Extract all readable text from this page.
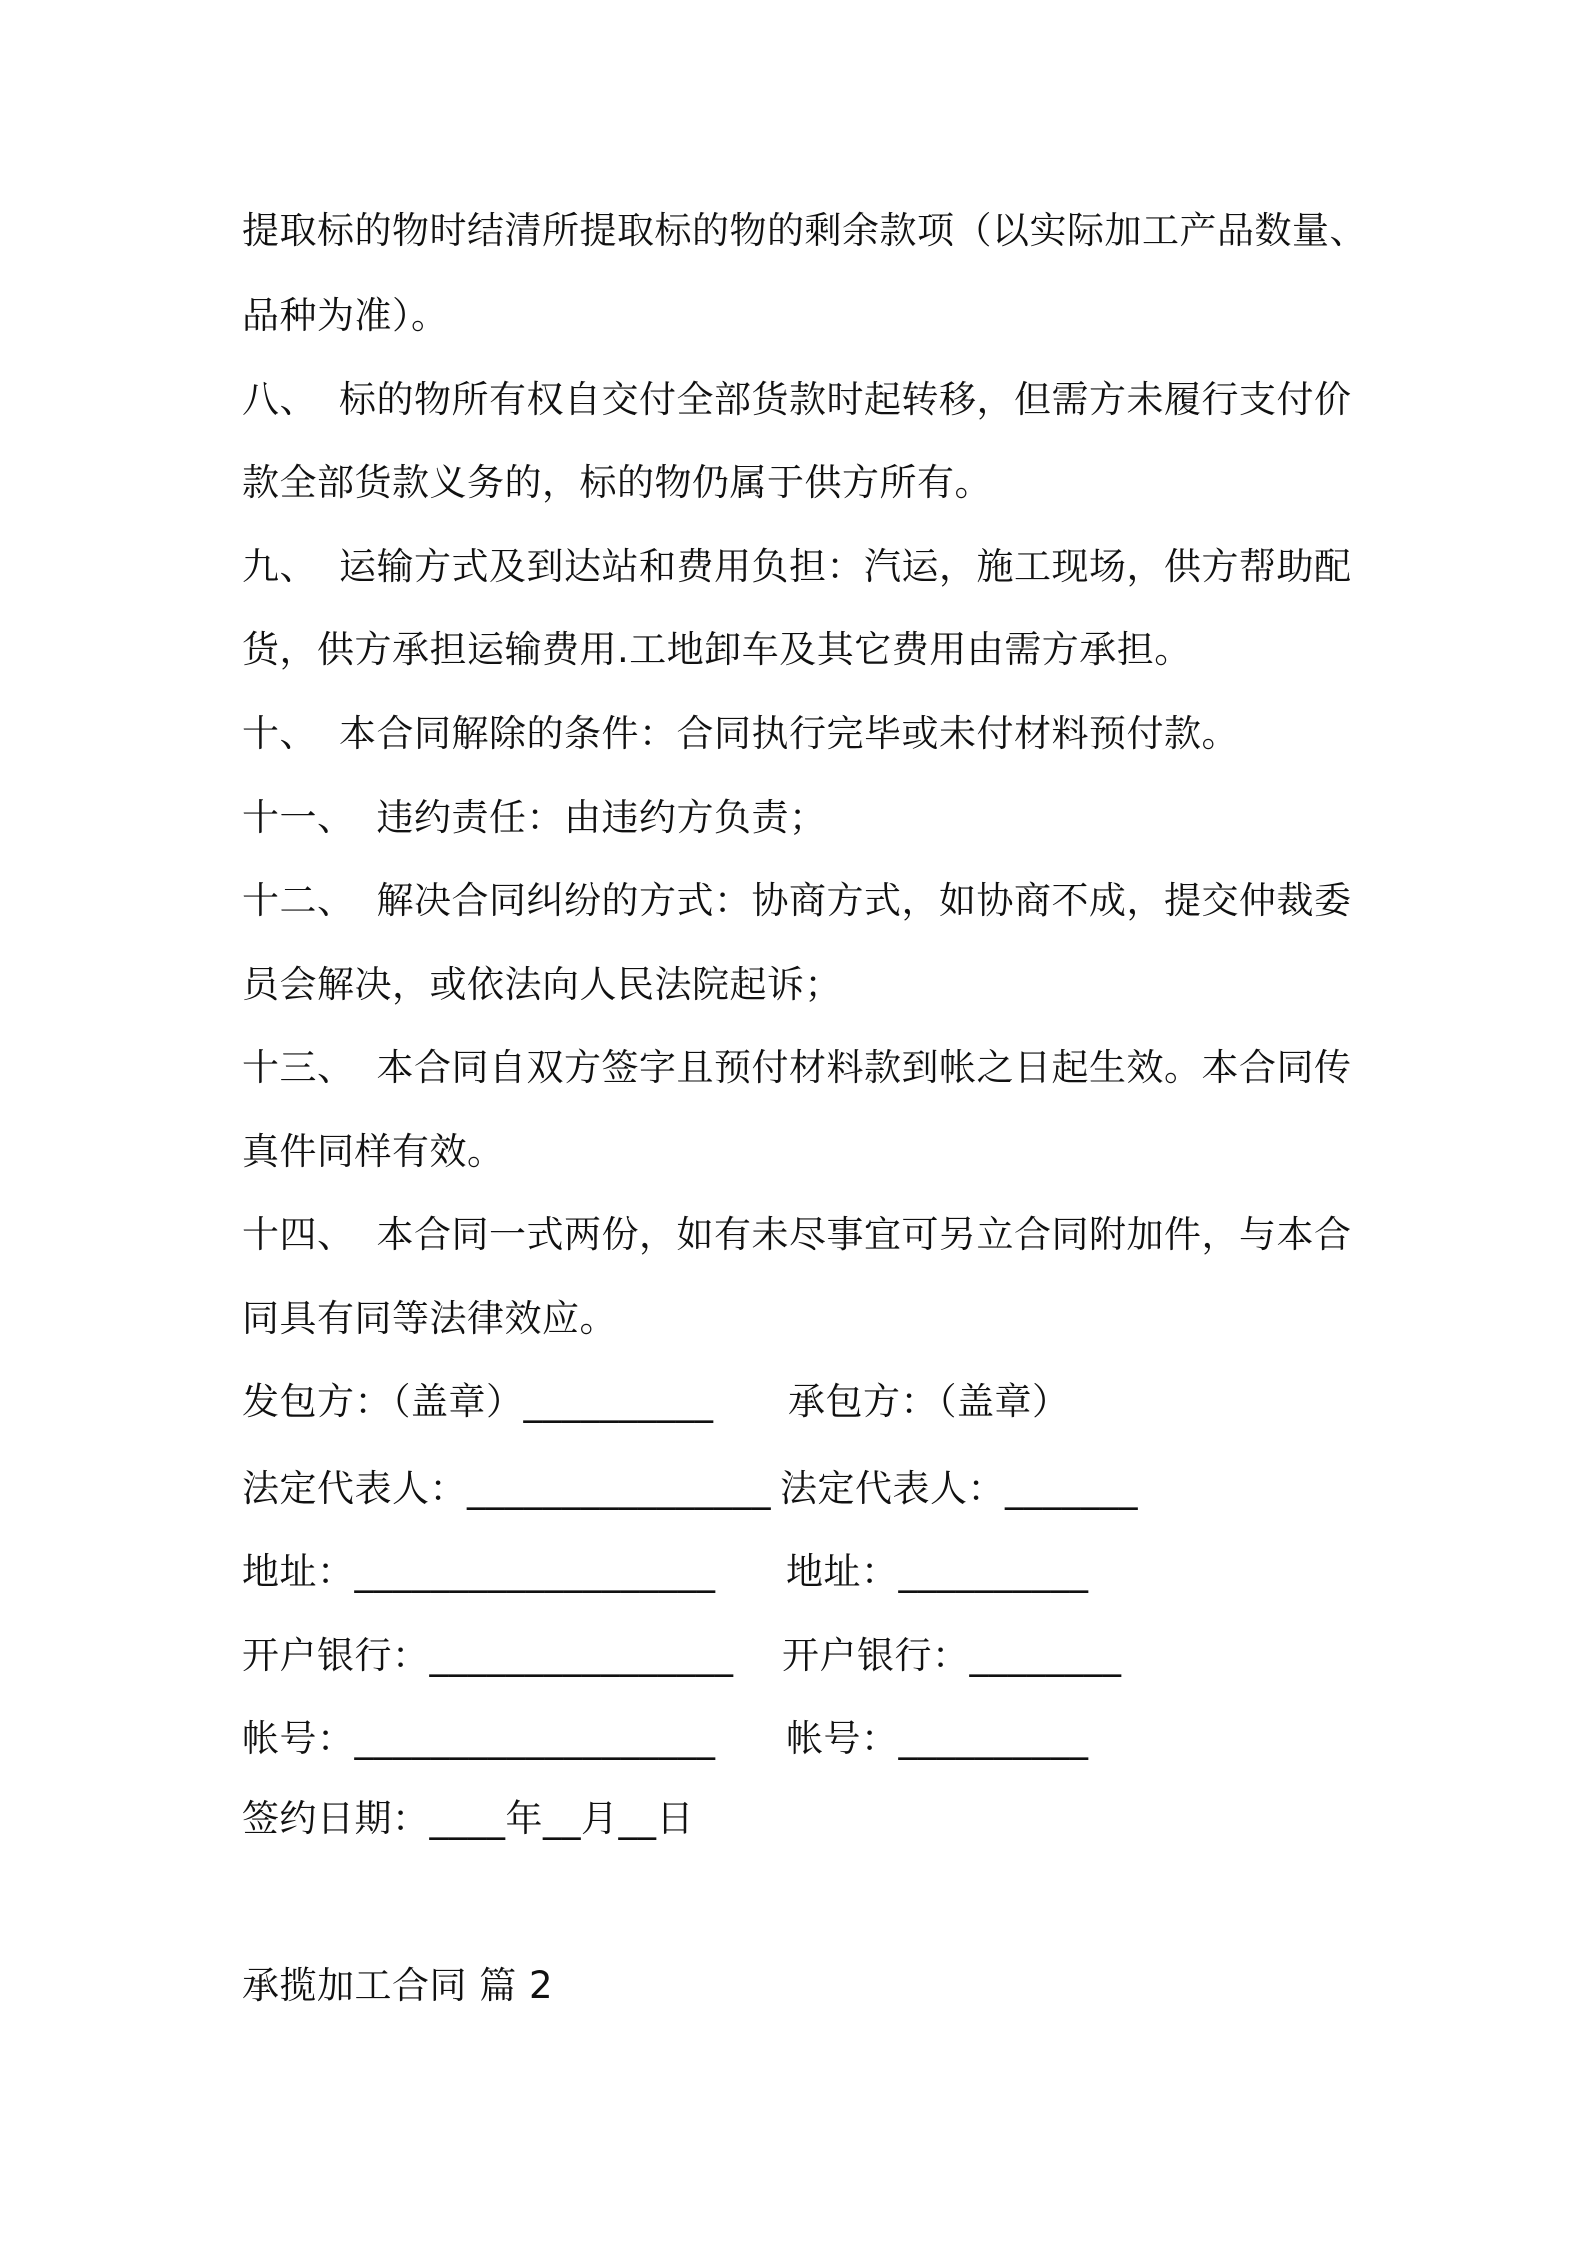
提取标的物时结清所提取标的物的剩余款项（以实际加工产品数量、
品种为准）。
八、 标的物所有权自交付全部货款时起转移，但需方未履行支付价
款全部货款义务的，标的物仍属于供方所有。
九、 运输方式及到达站和费用负担：汽运，施工现场，供方帮助配
货，供方承担运输费用.工地卸车及其它费用由需方承担。
十、 本合同解除的条件：合同执行完毕或未付材料预付款。
十一、 违约责任：由违约方负责；
十二、 解决合同纠纷的方式：协商方式，如协商不成，提交仲裁委
员会解决，或依法向人民法院起诉；
十三、 本合同自双方签字且预付材料款到帐之日起生效。本合同传
真件同样有效。
十四、 本合同一式两份，如有未尽事宜可另立合同附加件，与本合
同具有同等法律效应。
发包方：（盖章）__________ 承包方：（盖章）
法定代表人：________________ 法定代表人：_______
地址：___________________ 地址：__________
开户银行：________________ 开户银行：________
帐号：___________________ 帐号：__________
签约日期：____年__月__日
承揽加工合同 篇 2
